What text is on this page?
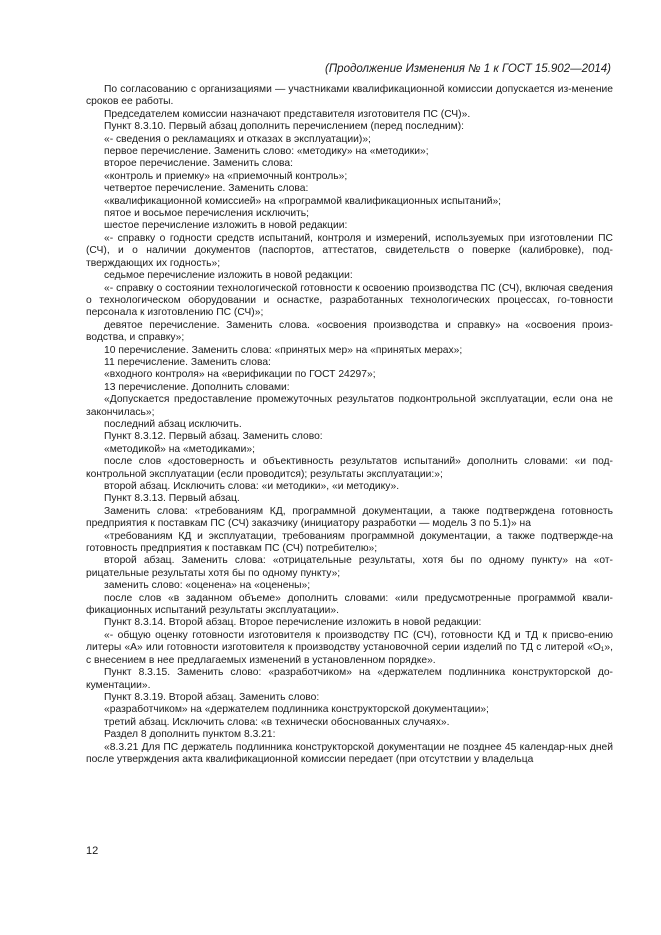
(Продолжение Изменения № 1 к ГОСТ 15.902—2014)

По согласованию с организациями — участниками квалификационной комиссии допускается из-менение сроков ее работы.

Председателем комиссии назначают представителя изготовителя ПС (СЧ)».

Пункт 8.3.10. Первый абзац дополнить перечислением (перед последним):

«- сведения о рекламациях и отказах в эксплуатации)»;

первое перечисление. Заменить слово: «методику» на «методики»;

второе перечисление. Заменить слова:

«контроль и приемку» на «приемочный контроль»;

четвертое перечисление. Заменить слова:

«квалификационной комиссией» на «программой квалификационных испытаний»;

пятое и восьмое перечисления исключить;

шестое перечисление изложить в новой редакции:

«- справку о годности средств испытаний, контроля и измерений, используемых при изготовлении ПС (СЧ), и о наличии документов (паспортов, аттестатов, свидетельств о поверке (калибровке), под-тверждающих их годность»;

седьмое перечисление изложить в новой редакции:

«- справку о состоянии технологической готовности к освоению производства ПС (СЧ), включая сведения о технологическом оборудовании и оснастке, разработанных технологических процессах, го-товности персонала к изготовлению ПС (СЧ)»;

девятое перечисление. Заменить слова. «освоения производства и справку» на «освоения произ-водства, и справку»;

10 перечисление. Заменить слова: «принятых мер» на «принятых мерах»;

11 перечисление. Заменить слова:

«входного контроля» на «верификации по ГОСТ 24297»;

13 перечисление. Дополнить словами:

«Допускается предоставление промежуточных результатов подконтрольной эксплуатации, если она не закончилась»;

последний абзац исключить.

Пункт 8.3.12. Первый абзац. Заменить слово:

«методикой» на «методиками»;

после слов «достоверность и объективность результатов испытаний» дополнить словами: «и под-контрольной эксплуатации (если проводится); результаты эксплуатации:»;

второй абзац. Исключить слова: «и методики», «и методику».

Пункт 8.3.13. Первый абзац.

Заменить слова: «требованиям КД, программной документации, а также подтверждена готовность предприятия к поставкам ПС (СЧ) заказчику (инициатору разработки — модель 3 по 5.1)» на

«требованиям КД и эксплуатации, требованиям программной документации, а также подтвержде-на готовность предприятия к поставкам ПС (СЧ) потребителю»;

второй абзац. Заменить слова: «отрицательные результаты, хотя бы по одному пункту» на «от-рицательные результаты хотя бы по одному пункту»;

заменить слово: «оценена» на «оценены»;

после слов «в заданном объеме» дополнить словами: «или предусмотренные программой квали-фикационных испытаний результаты эксплуатации».

Пункт 8.3.14. Второй абзац. Второе перечисление изложить в новой редакции:

«- общую оценку готовности изготовителя к производству ПС (СЧ), готовности КД и ТД к присво-ению литеры «А» или готовности изготовителя к производству установочной серии изделий по ТД с литерой «О₁», с внесением в нее предлагаемых изменений в установленном порядке».

Пункт 8.3.15. Заменить слово: «разработчиком» на «держателем подлинника конструкторской до-кументации».

Пункт 8.3.19. Второй абзац. Заменить слово:

«разработчиком» на «держателем подлинника конструкторской документации»;

третий абзац. Исключить слова: «в технически обоснованных случаях».

Раздел 8 дополнить пунктом 8.3.21:

«8.3.21 Для ПС держатель подлинника конструкторской документации не позднее 45 календар-ных дней после утверждения акта квалификационной комиссии передает (при отсутствии у владельца

12
